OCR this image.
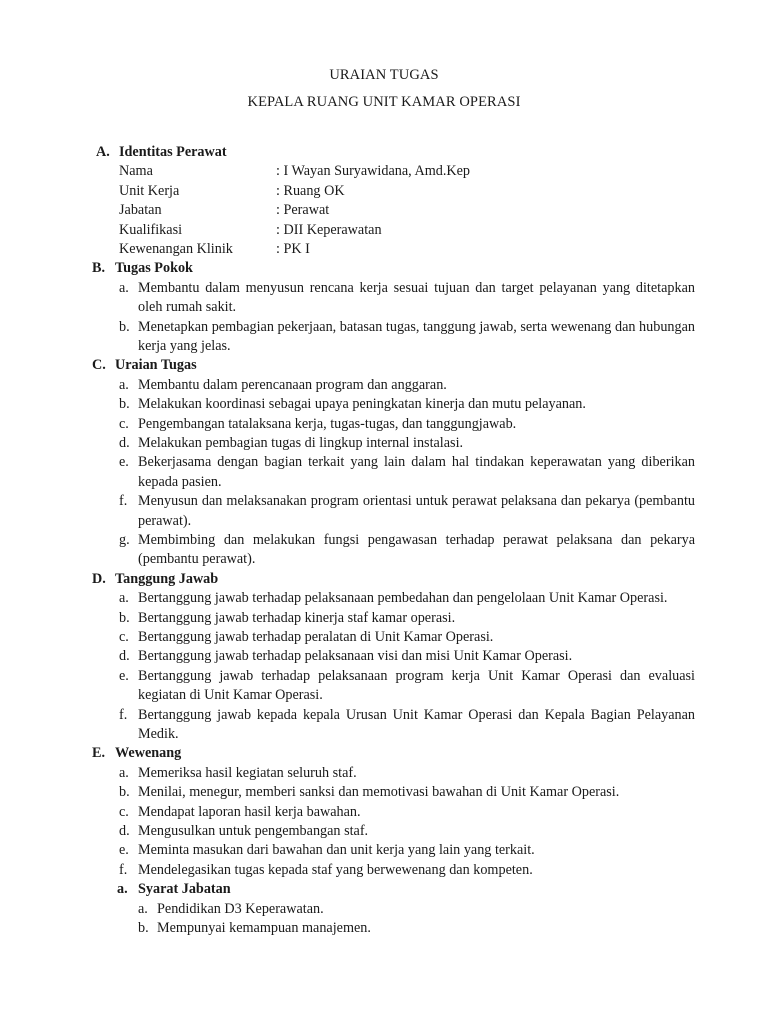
URAIAN TUGAS
KEPALA RUANG UNIT KAMAR OPERASI
A. Identitas Perawat
Nama	: I Wayan Suryawidana, Amd.Kep
Unit Kerja	: Ruang OK
Jabatan	: Perawat
Kualifikasi	: DII Keperawatan
Kewenangan Klinik	: PK I
B. Tugas Pokok
a. Membantu dalam menyusun rencana kerja sesuai tujuan dan target pelayanan yang ditetapkan oleh rumah sakit.
b. Menetapkan pembagian pekerjaan, batasan tugas, tanggung jawab, serta wewenang dan hubungan kerja yang jelas.
C. Uraian Tugas
a. Membantu dalam perencanaan program dan anggaran.
b. Melakukan koordinasi sebagai upaya peningkatan kinerja dan mutu pelayanan.
c. Pengembangan tatalaksana kerja, tugas-tugas, dan tanggungjawab.
d. Melakukan pembagian tugas di lingkup internal instalasi.
e. Bekerjasama dengan bagian terkait yang lain dalam hal tindakan keperawatan yang diberikan kepada pasien.
f. Menyusun dan melaksanakan program orientasi untuk perawat pelaksana dan pekarya (pembantu perawat).
g. Membimbing dan melakukan fungsi pengawasan terhadap perawat pelaksana dan pekarya (pembantu perawat).
D. Tanggung Jawab
a. Bertanggung jawab terhadap pelaksanaan pembedahan dan pengelolaan Unit Kamar Operasi.
b. Bertanggung jawab terhadap kinerja staf kamar operasi.
c. Bertanggung jawab terhadap peralatan di Unit Kamar Operasi.
d. Bertanggung jawab terhadap pelaksanaan visi dan misi Unit Kamar Operasi.
e. Bertanggung jawab terhadap pelaksanaan program kerja Unit Kamar Operasi dan evaluasi kegiatan di Unit Kamar Operasi.
f. Bertanggung jawab kepada kepala Urusan Unit Kamar Operasi dan Kepala Bagian Pelayanan Medik.
E. Wewenang
a. Memeriksa hasil kegiatan seluruh staf.
b. Menilai, menegur, memberi sanksi dan memotivasi bawahan di Unit Kamar Operasi.
c. Mendapat laporan hasil kerja bawahan.
d. Mengusulkan untuk pengembangan staf.
e. Meminta masukan dari bawahan dan unit kerja yang lain yang terkait.
f. Mendelegasikan tugas kepada staf yang berwewenang dan kompeten.
a. Syarat Jabatan
a. Pendidikan D3 Keperawatan.
b. Mempunyai kemampuan manajemen.
